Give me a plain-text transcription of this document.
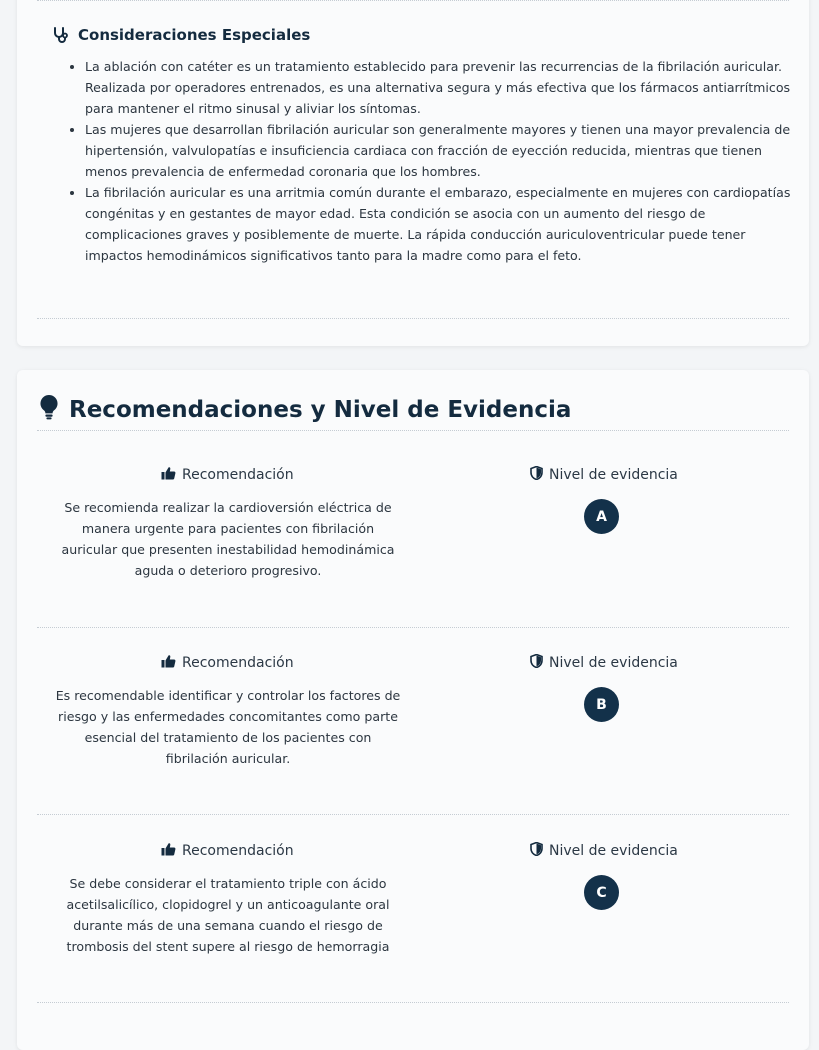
Consideraciones Especiales
• La ablación con catéter es un tratamiento establecido para prevenir las recurrencias de la fibrilación auricular. Realizada por operadores entrenados, es una alternativa segura y más efectiva que los fármacos antiarrítmicos para mantener el ritmo sinusal y aliviar los síntomas.
• Las mujeres que desarrollan fibrilación auricular son generalmente mayores y tienen una mayor prevalencia de hipertensión, valvulopatías e insuficiencia cardiaca con fracción de eyección reducida, mientras que tienen menos prevalencia de enfermedad coronaria que los hombres.
• La fibrilación auricular es una arritmia común durante el embarazo, especialmente en mujeres con cardiopatías congénitas y en gestantes de mayor edad. Esta condición se asocia con un aumento del riesgo de complicaciones graves y posiblemente de muerte. La rápida conducción auriculoventricular puede tener impactos hemodinámicos significativos tanto para la madre como para el feto.
Recomendaciones y Nivel de Evidencia
Recomendación	Nivel de evidencia
Se recomienda realizar la cardioversión eléctrica de manera urgente para pacientes con fibrilación auricular que presenten inestabilidad hemodinámica aguda o deterioro progresivo.
A
Recomendación	Nivel de evidencia
Es recomendable identificar y controlar los factores de riesgo y las enfermedades concomitantes como parte esencial del tratamiento de los pacientes con fibrilación auricular.
B
Recomendación	Nivel de evidencia
Se debe considerar el tratamiento triple con ácido acetilsalicílico, clopidogrel y un anticoagulante oral durante más de una semana cuando el riesgo de trombosis del stent supere al riesgo de hemorragia
C
